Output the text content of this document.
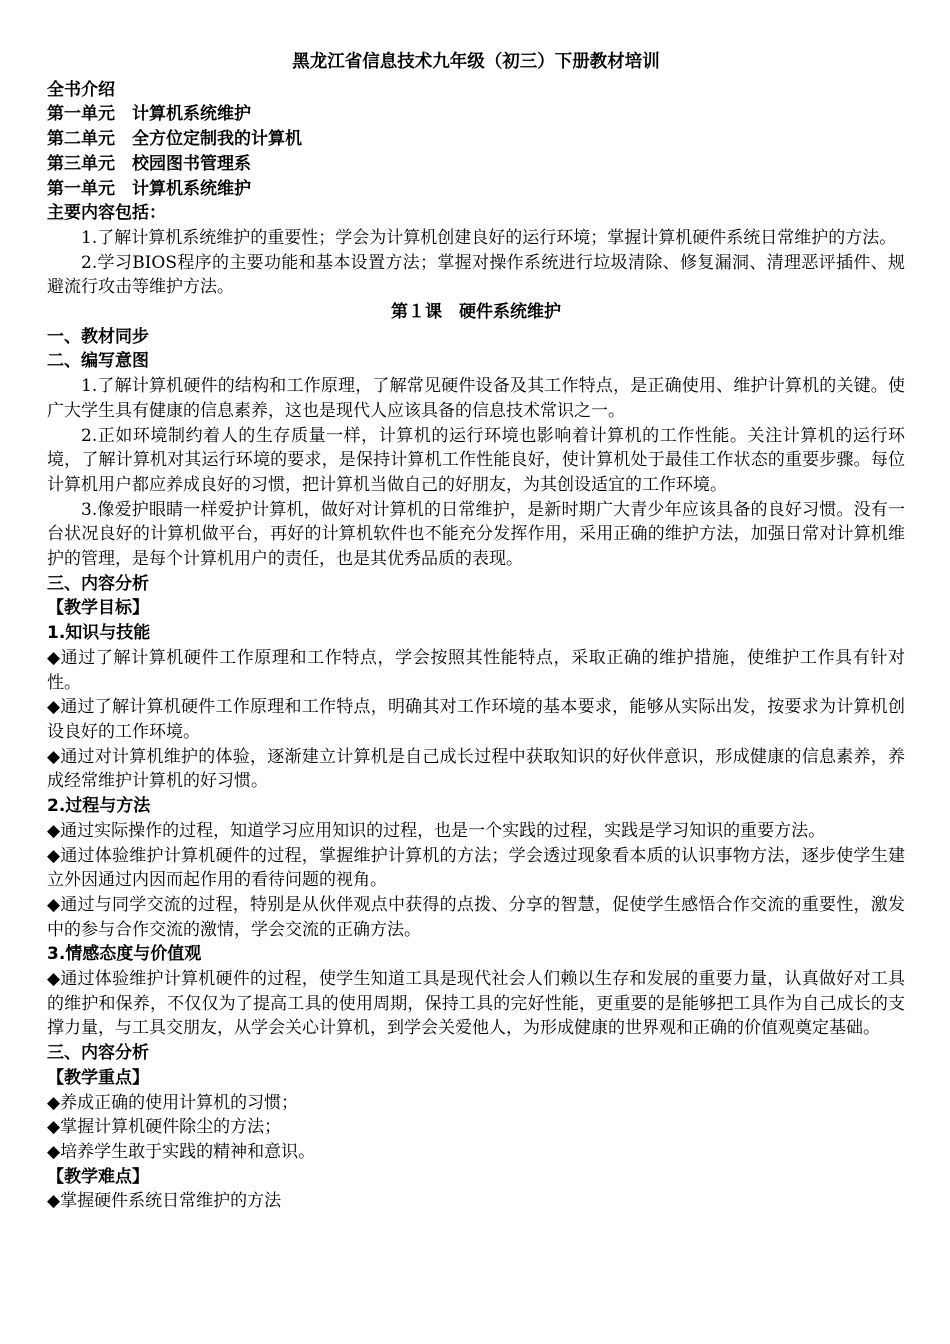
黑龙江省信息技术九年级（初三）下册教材培训
全书介绍
第一单元　计算机系统维护
第二单元　全方位定制我的计算机
第三单元　校园图书管理系
第一单元　计算机系统维护
主要内容包括：
1.了解计算机系统维护的重要性；学会为计算机创建良好的运行环境；掌握计算机硬件系统日常维护的方法。
2.学习BIOS程序的主要功能和基本设置方法；掌握对操作系统进行垃圾清除、修复漏洞、清理恶评插件、规避流行攻击等维护方法。
第１课　硬件系统维护
一、教材同步
二、编写意图
1.了解计算机硬件的结构和工作原理，了解常见硬件设备及其工作特点，是正确使用、维护计算机的关键。使广大学生具有健康的信息素养，这也是现代人应该具备的信息技术常识之一。
2.正如环境制约着人的生存质量一样，计算机的运行环境也影响着计算机的工作性能。关注计算机的运行环境，了解计算机对其运行环境的要求，是保持计算机工作性能良好，使计算机处于最佳工作状态的重要步骤。每位计算机用户都应养成良好的习惯，把计算机当做自己的好朋友，为其创设适宜的工作环境。
3.像爱护眼睛一样爱护计算机，做好对计算机的日常维护，是新时期广大青少年应该具备的良好习惯。没有一台状况良好的计算机做平台，再好的计算机软件也不能充分发挥作用，采用正确的维护方法，加强日常对计算机维护的管理，是每个计算机用户的责任，也是其优秀品质的表现。
三、内容分析
【教学目标】
1.知识与技能
◆通过了解计算机硬件工作原理和工作特点，学会按照其性能特点，采取正确的维护措施，使维护工作具有针对性。
◆通过了解计算机硬件工作原理和工作特点，明确其对工作环境的基本要求，能够从实际出发，按要求为计算机创设良好的工作环境。
◆通过对计算机维护的体验，逐渐建立计算机是自己成长过程中获取知识的好伙伴意识，形成健康的信息素养，养成经常维护计算机的好习惯。
2.过程与方法
◆通过实际操作的过程，知道学习应用知识的过程，也是一个实践的过程，实践是学习知识的重要方法。
◆通过体验维护计算机硬件的过程，掌握维护计算机的方法；学会透过现象看本质的认识事物方法，逐步使学生建立外因通过内因而起作用的看待问题的视角。
◆通过与同学交流的过程，特别是从伙伴观点中获得的点拨、分享的智慧，促使学生感悟合作交流的重要性，激发中的参与合作交流的激情，学会交流的正确方法。
3.情感态度与价值观
◆通过体验维护计算机硬件的过程，使学生知道工具是现代社会人们赖以生存和发展的重要力量，认真做好对工具的维护和保养，不仅仅为了提高工具的使用周期，保持工具的完好性能，更重要的是能够把工具作为自己成长的支撑力量，与工具交朋友，从学会关心计算机，到学会关爱他人，为形成健康的世界观和正确的价值观奠定基础。
三、内容分析
【教学重点】
◆养成正确的使用计算机的习惯；
◆掌握计算机硬件除尘的方法；
◆培养学生敢于实践的精神和意识。
【教学难点】
◆掌握硬件系统日常维护的方法
